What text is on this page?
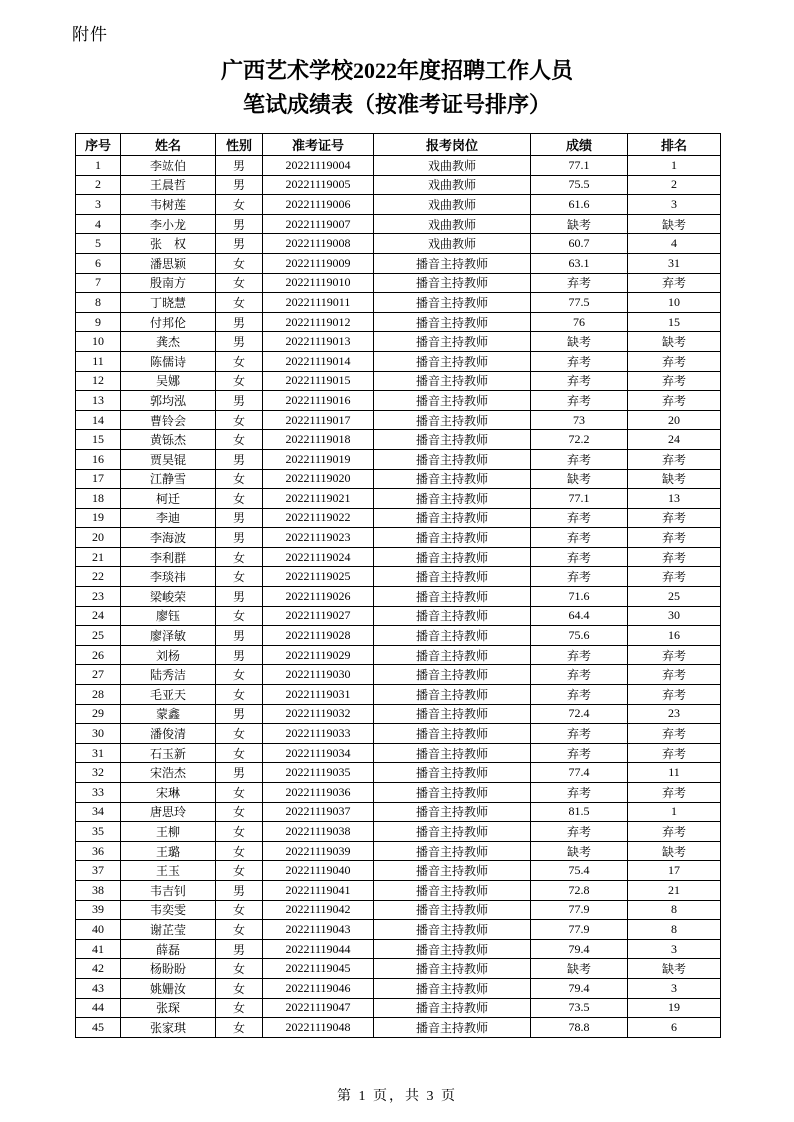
附件
广西艺术学校2022年度招聘工作人员
笔试成绩表（按准考证号排序）
序号	姓名	性别	准考证号	报考岗位	成绩	排名
1	李竑伯	男	20221119004	戏曲教师	77.1	1
2	王晨哲	男	20221119005	戏曲教师	75.5	2
3	韦树莲	女	20221119006	戏曲教师	61.6	3
4	李小龙	男	20221119007	戏曲教师	缺考	缺考
5	张　权	男	20221119008	戏曲教师	60.7	4
6	潘思颖	女	20221119009	播音主持教师	63.1	31
7	殷南方	女	20221119010	播音主持教师	弃考	弃考
8	丁晓慧	女	20221119011	播音主持教师	77.5	10
9	付邦伦	男	20221119012	播音主持教师	76	15
10	龚杰	男	20221119013	播音主持教师	缺考	缺考
11	陈儒诗	女	20221119014	播音主持教师	弃考	弃考
12	吴娜	女	20221119015	播音主持教师	弃考	弃考
13	郭均泓	男	20221119016	播音主持教师	弃考	弃考
14	曹铃会	女	20221119017	播音主持教师	73	20
15	黄铄杰	女	20221119018	播音主持教师	72.2	24
16	贾昊锟	男	20221119019	播音主持教师	弃考	弃考
17	江静雪	女	20221119020	播音主持教师	缺考	缺考
18	柯迁	女	20221119021	播音主持教师	77.1	13
19	李迪	男	20221119022	播音主持教师	弃考	弃考
20	李海波	男	20221119023	播音主持教师	弃考	弃考
21	李利群	女	20221119024	播音主持教师	弃考	弃考
22	李琰祎	女	20221119025	播音主持教师	弃考	弃考
23	梁峻荣	男	20221119026	播音主持教师	71.6	25
24	廖钰	女	20221119027	播音主持教师	64.4	30
25	廖泽敏	男	20221119028	播音主持教师	75.6	16
26	刘杨	男	20221119029	播音主持教师	弃考	弃考
27	陆秀洁	女	20221119030	播音主持教师	弃考	弃考
28	毛亚天	女	20221119031	播音主持教师	弃考	弃考
29	蒙鑫	男	20221119032	播音主持教师	72.4	23
30	潘俊清	女	20221119033	播音主持教师	弃考	弃考
31	石玉新	女	20221119034	播音主持教师	弃考	弃考
32	宋浩杰	男	20221119035	播音主持教师	77.4	11
33	宋琳	女	20221119036	播音主持教师	弃考	弃考
34	唐思玲	女	20221119037	播音主持教师	81.5	1
35	王柳	女	20221119038	播音主持教师	弃考	弃考
36	王璐	女	20221119039	播音主持教师	缺考	缺考
37	王玉	女	20221119040	播音主持教师	75.4	17
38	韦吉钊	男	20221119041	播音主持教师	72.8	21
39	韦奕雯	女	20221119042	播音主持教师	77.9	8
40	谢芷莹	女	20221119043	播音主持教师	77.9	8
41	薛磊	男	20221119044	播音主持教师	79.4	3
42	杨盼盼	女	20221119045	播音主持教师	缺考	缺考
43	姚姗汝	女	20221119046	播音主持教师	79.4	3
44	张琛	女	20221119047	播音主持教师	73.5	19
45	张家琪	女	20221119048	播音主持教师	78.8	6
第 1 页，共 3 页
